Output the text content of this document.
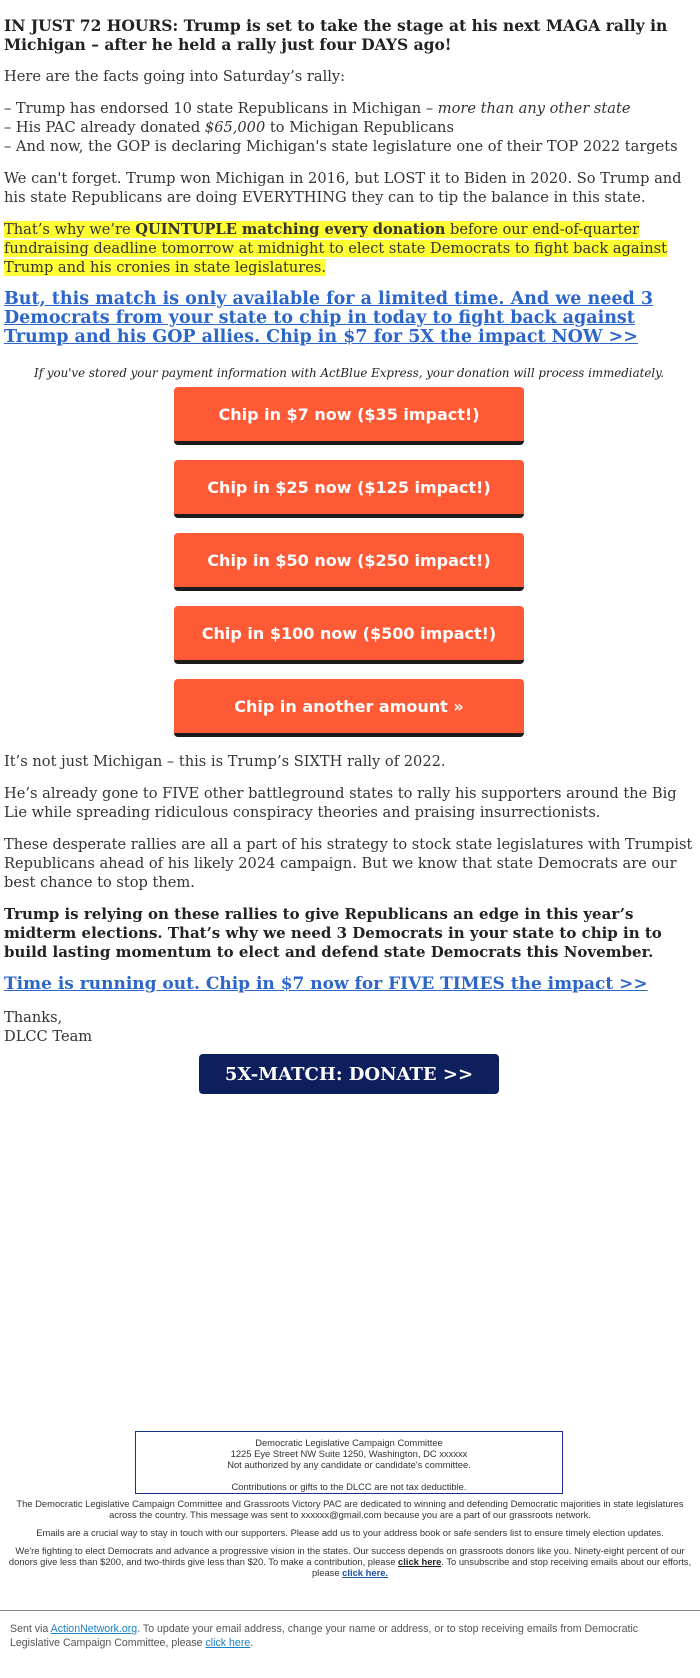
IN JUST 72 HOURS: Trump is set to take the stage at his next MAGA rally in Michigan – after he held a rally just four DAYS ago!

Here are the facts going into Saturday’s rally:

– Trump has endorsed 10 state Republicans in Michigan – more than any other state
– His PAC already donated $65,000 to Michigan Republicans
– And now, the GOP is declaring Michigan's state legislature one of their TOP 2022 targets

We can't forget. Trump won Michigan in 2016, but LOST it to Biden in 2020. So Trump and his state Republicans are doing EVERYTHING they can to tip the balance in this state.

That’s why we’re QUINTUPLE matching every donation before our end-of-quarter fundraising deadline tomorrow at midnight to elect state Democrats to fight back against Trump and his cronies in state legislatures.

But, this match is only available for a limited time. And we need 3 Democrats from your state to chip in today to fight back against Trump and his GOP allies. Chip in $7 for 5X the impact NOW >>

If you've stored your payment information with ActBlue Express, your donation will process immediately.

Chip in $7 now ($35 impact!)
Chip in $25 now ($125 impact!)
Chip in $50 now ($250 impact!)
Chip in $100 now ($500 impact!)
Chip in another amount »

It’s not just Michigan – this is Trump’s SIXTH rally of 2022.

He’s already gone to FIVE other battleground states to rally his supporters around the Big Lie while spreading ridiculous conspiracy theories and praising insurrectionists.

These desperate rallies are all a part of his strategy to stock state legislatures with Trumpist Republicans ahead of his likely 2024 campaign. But we know that state Democrats are our best chance to stop them.

Trump is relying on these rallies to give Republicans an edge in this year’s midterm elections. That’s why we need 3 Democrats in your state to chip in to build lasting momentum to elect and defend state Democrats this November.

Time is running out. Chip in $7 now for FIVE TIMES the impact >>

Thanks,
DLCC Team

5X-MATCH: DONATE >>
Democratic Legislative Campaign Committee
1225 Eye Street NW Suite 1250, Washington, DC xxxxxx
Not authorized by any candidate or candidate's committee.
Contributions or gifts to the DLCC are not tax deductible.

The Democratic Legislative Campaign Committee and Grassroots Victory PAC are dedicated to winning and defending Democratic majorities in state legislatures across the country. This message was sent to xxxxxx@gmail.com because you are a part of our grassroots network.

Emails are a crucial way to stay in touch with our supporters. Please add us to your address book or safe senders list to ensure timely election updates.

We're fighting to elect Democrats and advance a progressive vision in the states. Our success depends on grassroots donors like you. Ninety-eight percent of our donors give less than $200, and two-thirds give less than $20. To make a contribution, please click here. To unsubscribe and stop receiving emails about our efforts, please click here.

Sent via ActionNetwork.org. To update your email address, change your name or address, or to stop receiving emails from Democratic Legislative Campaign Committee, please click here.
